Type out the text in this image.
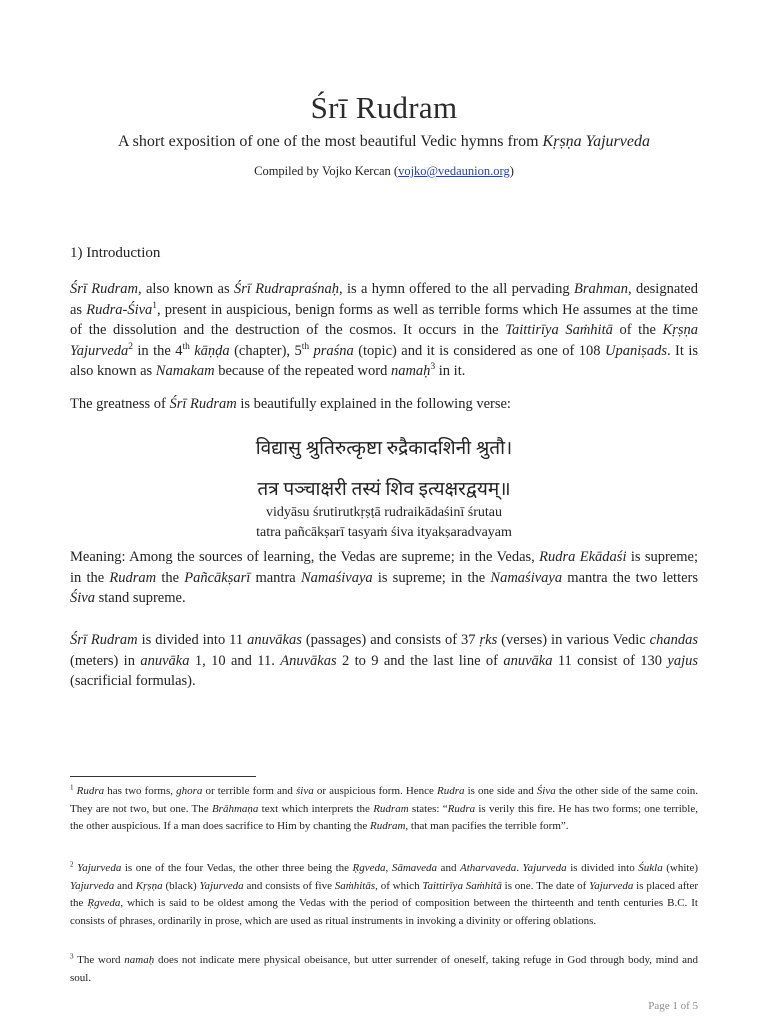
Śrī Rudram
A short exposition of one of the most beautiful Vedic hymns from Kṛṣṇa Yajurveda
Compiled by Vojko Kercan (vojko@vedaunion.org)
1) Introduction
Śrī Rudram, also known as Śrī Rudrapraśnaḥ, is a hymn offered to the all pervading Brahman, designated as Rudra-Śiva$^1$, present in auspicious, benign forms as well as terrible forms which He assumes at the time of the dissolution and the destruction of the cosmos. It occurs in the Taittirīya Saṁhitā of the Kṛṣṇa Yajurveda$^2$ in the 4th kāṇḍa (chapter), 5th praśna (topic) and it is considered as one of 108 Upaniṣads. It is also known as Namakam because of the repeated word namaḥ$^3$ in it.
The greatness of Śrī Rudram is beautifully explained in the following verse:
विद्यासु श्रुतिरुत्कृष्टा रुद्रैकादशिनी श्रुतौ।
तत्र पञ्चाक्षरी तस्यं शिव इत्यक्षरद्वयम्॥
vidyāsu śrutirutkṛṣṭā rudraikādaśinī śrutau
tatra pañcākṣarī tasyaṁ śiva ityakṣaradvayam
Meaning: Among the sources of learning, the Vedas are supreme; in the Vedas, Rudra Ekādaśi is supreme; in the Rudram the Pañcākṣarī mantra Namaśivaya is supreme; in the Namaśivaya mantra the two letters Śiva stand supreme.
Śrī Rudram is divided into 11 anuvākas (passages) and consists of 37 ṛks (verses) in various Vedic chandas (meters) in anuvāka 1, 10 and 11. Anuvākas 2 to 9 and the last line of anuvāka 11 consist of 130 yajus (sacrificial formulas).
$^1$ Rudra has two forms, ghora or terrible form and śiva or auspicious form. Hence Rudra is one side and Śiva the other side of the same coin. They are not two, but one. The Brāhmaṇa text which interprets the Rudram states: “Rudra is verily this fire. He has two forms; one terrible, the other auspicious. If a man does sacrifice to Him by chanting the Rudram, that man pacifies the terrible form”.
$^2$ Yajurveda is one of the four Vedas, the other three being the Ṛgveda, Sāmaveda and Atharvaveda. Yajurveda is divided into Śukla (white) Yajurveda and Kṛṣṇa (black) Yajurveda and consists of five Saṁhitās, of which Taittirīya Saṁhitā is one. The date of Yajurveda is placed after the Ṛgveda, which is said to be oldest among the Vedas with the period of composition between the thirteenth and tenth centuries B.C. It consists of phrases, ordinarily in prose, which are used as ritual instruments in invoking a divinity or offering oblations.
$^3$ The word namaḥ does not indicate mere physical obeisance, but utter surrender of oneself, taking refuge in God through body, mind and soul.
Page 1 of 5
